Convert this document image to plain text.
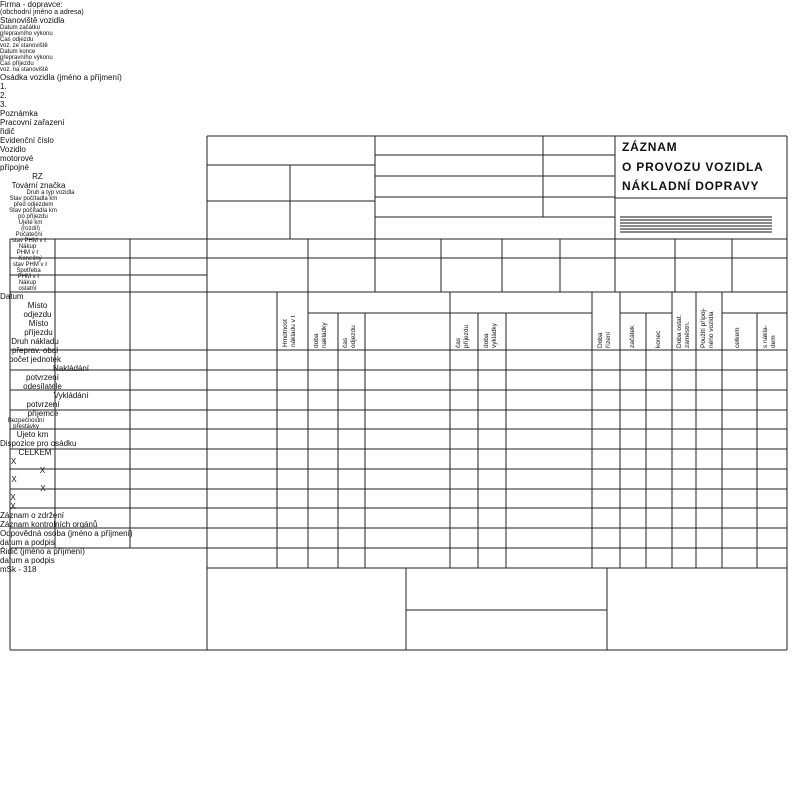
Firma - dopravce:
(obchodní jméno a adresa)
Stanoviště vozidla
Datum začátku
přepravního výkonu
Čas odjezdu
voz. ze stanoviště
Datum konce
přepravního výkonu
Čas příjezdu
voz. na stanoviště
Osádka vozidla (jméno a příjmení)
1.
2.
3.
Poznámka
Pracovní zařazení
řidič
ZÁZNAM
O PROVOZU VOZIDLA
NÁKLADNÍ DOPRAVY
Evidenční číslo
Vozidlo
motorové
přípojné
RZ
Tovární značka
Druh a typ vozidla
Stav počítadla km
před odjezdem
Stav počítadla km
po příjezdu
Ujeté km
(rozdíl)
Počáteční
stav PHM v ℓ
Nákup
PHM v ℓ
Konečný
stav PHM v ℓ
Spotřeba
PHM v ℓ
Nákup
ostatní
Datum
Místo
odjezdu
Místo
příjezdu
Druh nákladu
přeprav. obal
počet jednotek
Hmotnost nákladu v t
Nakládání
doba nakládky čas odjezdu
potvrzení
odesílatele
Vykládání
čas příjezdu doba vykládky
potvrzení
příjemce
Doba řízení
Bezpečnostní
přestávky
začátek	konec Doba ostat. zaměstn. Použití přípoj- ného vozidla
Ujeto km
celkem	s nákla- dem
Dispozice pro osádku
CELKEM
X
X
X
X
X
X
Záznam o zdržení
Záznam kontrolních orgánů
Odpovědná osoba (jméno a příjmení)
datum a podpis
Řidič (jméno a příjmení)
datum a podpis
mSk - 318
